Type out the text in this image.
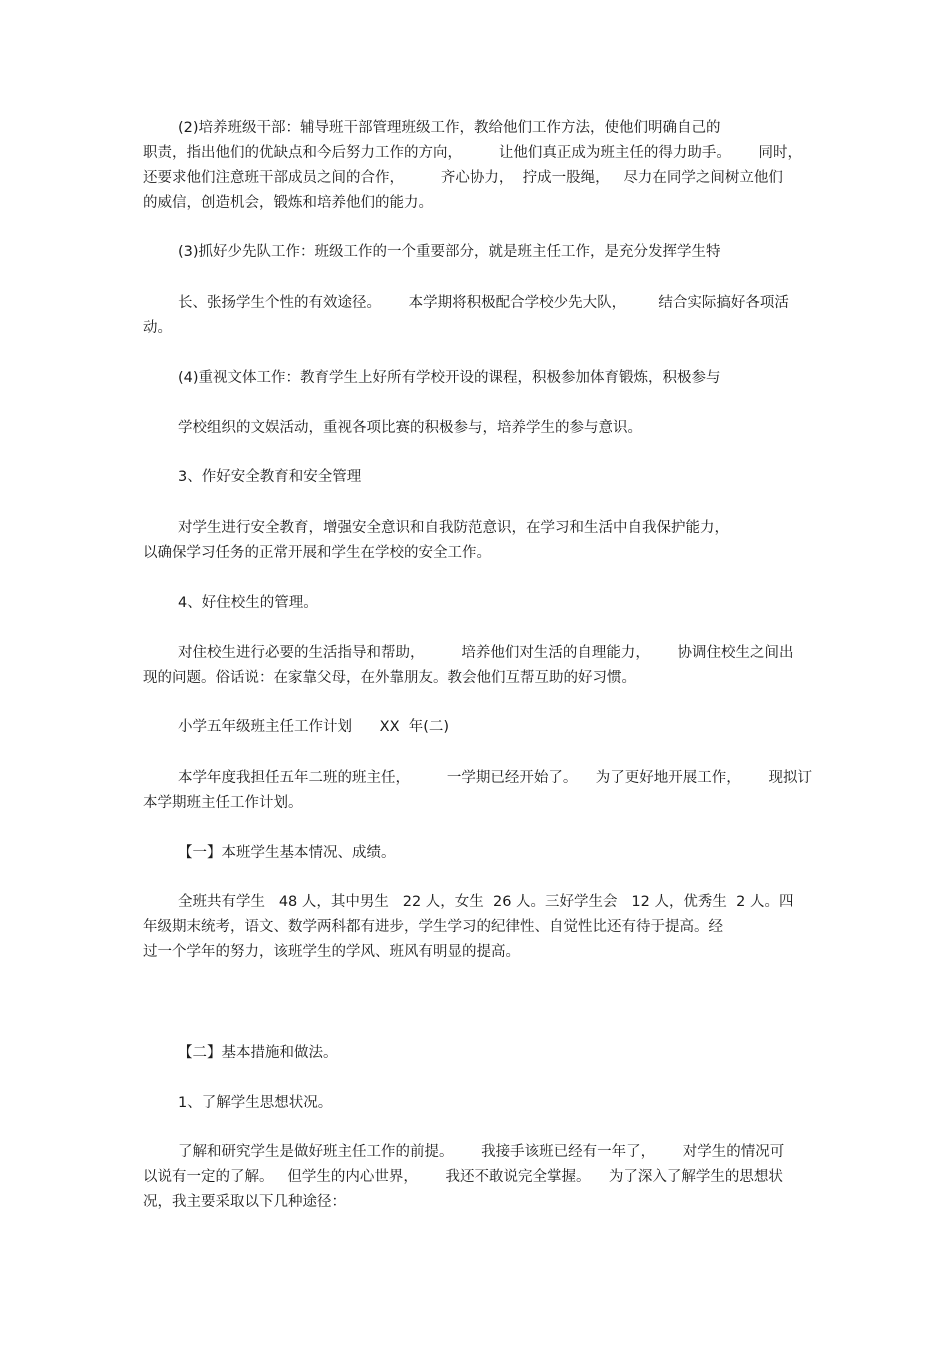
(2)培养班级干部：辅导班干部管理班级工作，教给他们工作方法，使他们明确自己的
职责，指出他们的优缺点和今后努力工作的方向，        让他们真正成为班主任的得力助手。      同时，
还要求他们注意班干部成员之间的合作，        齐心协力，  拧成一股绳，   尽力在同学之间树立他们
的威信，创造机会，锻炼和培养他们的能力。
(3)抓好少先队工作：班级工作的一个重要部分，就是班主任工作，是充分发挥学生特
长、张扬学生个性的有效途径。      本学期将积极配合学校少先大队，       结合实际搞好各项活
动。
(4)重视文体工作：教育学生上好所有学校开设的课程，积极参加体育锻炼，积极参与
学校组织的文娱活动，重视各项比赛的积极参与，培养学生的参与意识。
3、作好安全教育和安全管理
对学生进行安全教育，增强安全意识和自我防范意识，在学习和生活中自我保护能力，
以确保学习任务的正常开展和学生在学校的安全工作。
4、好住校生的管理。
对住校生进行必要的生活指导和帮助，        培养他们对生活的自理能力，      协调住校生之间出
现的问题。俗话说：在家靠父母，在外靠朋友。教会他们互帮互助的好习惯。
小学五年级班主任工作计划      XX  年(二)
本学年度我担任五年二班的班主任，        一学期已经开始了。    为了更好地开展工作，      现拟订
本学期班主任工作计划。
【一】本班学生基本情况、成绩。
全班共有学生   48 人，其中男生   22 人，女生  26 人。三好学生会   12 人，优秀生  2 人。四
年级期末统考，语文、数学两科都有进步，学生学习的纪律性、自觉性比还有待于提高。经
过一个学年的努力，该班学生的学风、班风有明显的提高。
【二】基本措施和做法。
1、了解学生思想状况。
了解和研究学生是做好班主任工作的前提。      我接手该班已经有一年了，      对学生的情况可
以说有一定的了解。   但学生的内心世界，      我还不敢说完全掌握。    为了深入了解学生的思想状
况，我主要采取以下几种途径：
